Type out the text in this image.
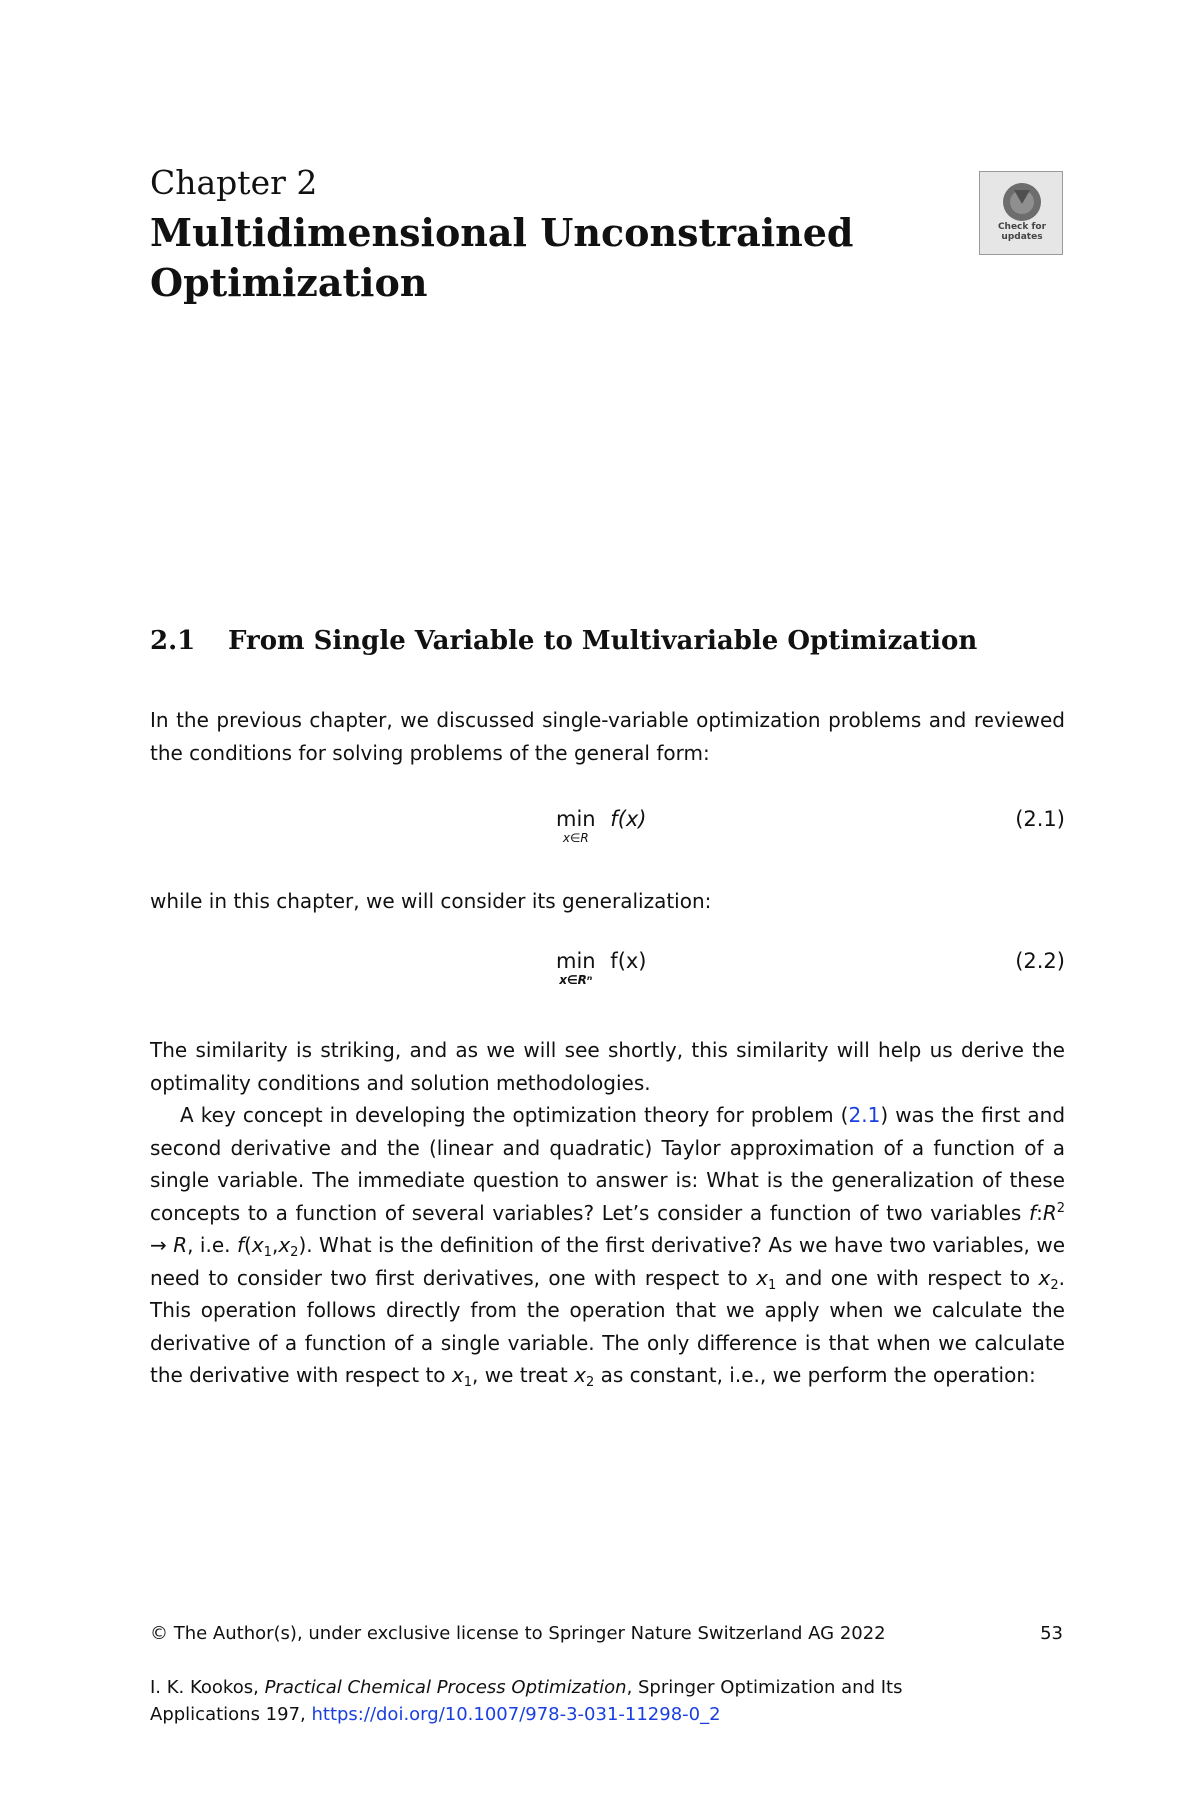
Chapter 2
Multidimensional Unconstrained Optimization
Check for updates
2.1 From Single Variable to Multivariable Optimization
In the previous chapter, we discussed single-variable optimization problems and reviewed the conditions for solving problems of the general form:
min
x∈R
f(x)	(2.1)
while in this chapter, we will consider its generalization:
min
x∈Rⁿ
f(x)	(2.2)
The similarity is striking, and as we will see shortly, this similarity will help us derive the optimality conditions and solution methodologies.
A key concept in developing the optimization theory for problem (2.1) was the first and second derivative and the (linear and quadratic) Taylor approximation of a function of a single variable. The immediate question to answer is: What is the generalization of these concepts to a function of several variables? Let’s consider a function of two variables $f:R^2 \to R$, i.e. $f(x_1,x_2)$. What is the definition of the first derivative? As we have two variables, we need to consider two first derivatives, one with respect to $x_1$ and one with respect to $x_2$. This operation follows directly from the operation that we apply when we calculate the derivative of a function of a single variable. The only difference is that when we calculate the derivative with respect to $x_1$, we treat $x_2$ as constant, i.e., we perform the operation:
© The Author(s), under exclusive license to Springer Nature Switzerland AG 2022	53
I. K. Kookos, Practical Chemical Process Optimization, Springer Optimization and Its Applications 197, https://doi.org/10.1007/978-3-031-11298-0_2
